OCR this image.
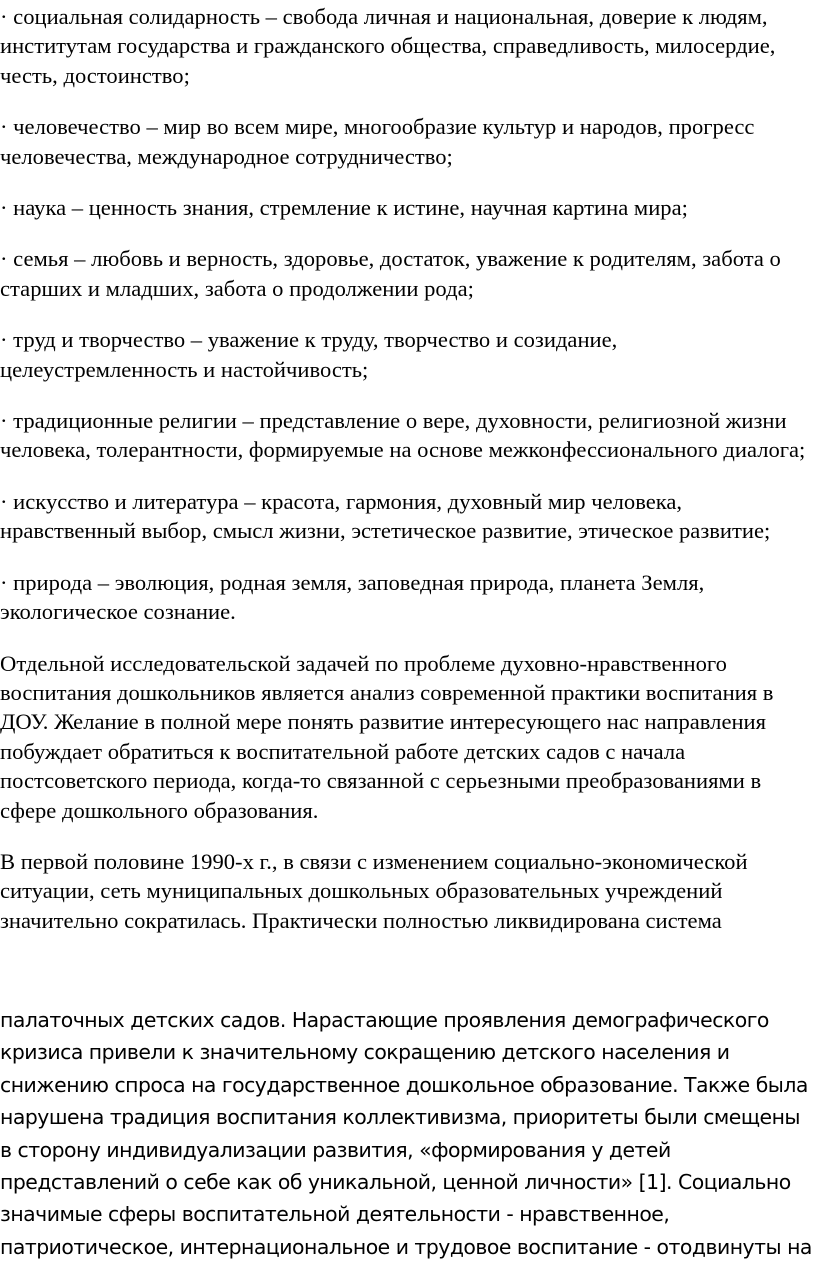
· социальная солидарность – свобода личная и национальная, доверие к людям, институтам государства и гражданского общества, справедливость, милосердие, честь, достоинство;

· человечество – мир во всем мире, многообразие культур и народов, прогресс человечества, международное сотрудничество;

· наука – ценность знания, стремление к истине, научная картина мира;

· семья – любовь и верность, здоровье, достаток, уважение к родителям, забота о старших и младших, забота о продолжении рода;

· труд и творчество – уважение к труду, творчество и созидание, целеустремленность и настойчивость;

· традиционные религии – представление о вере, духовности, религиозной жизни человека, толерантности, формируемые на основе межконфессионального диалога;

· искусство и литература – красота, гармония, духовный мир человека, нравственный выбор, смысл жизни, эстетическое развитие, этическое развитие;

· природа – эволюция, родная земля, заповедная природа, планета Земля, экологическое сознание.

Отдельной исследовательской задачей по проблеме духовно-нравственного воспитания дошкольников является анализ современной практики воспитания в ДОУ. Желание в полной мере понять развитие интересующего нас направления побуждает обратиться к воспитательной работе детских садов с начала постсоветского периода, когда-то связанной с серьезными преобразованиями в сфере дошкольного образования.

В первой половине 1990-х г., в связи с изменением социально-экономической ситуации, сеть муниципальных дошкольных образовательных учреждений значительно сократилась. Практически полностью ликвидирована система

палаточных детских садов. Нарастающие проявления демографического кризиса привели к значительному сокращению детского населения и снижению спроса на государственное дошкольное образование. Также была нарушена традиция воспитания коллективизма, приоритеты были смещены в сторону индивидуализации развития, «формирования у детей представлений о себе как об уникальной, ценной личности» [1]. Социально значимые сферы воспитательной деятельности - нравственное, патриотическое, интернациональное и трудовое воспитание - отодвинуты на
